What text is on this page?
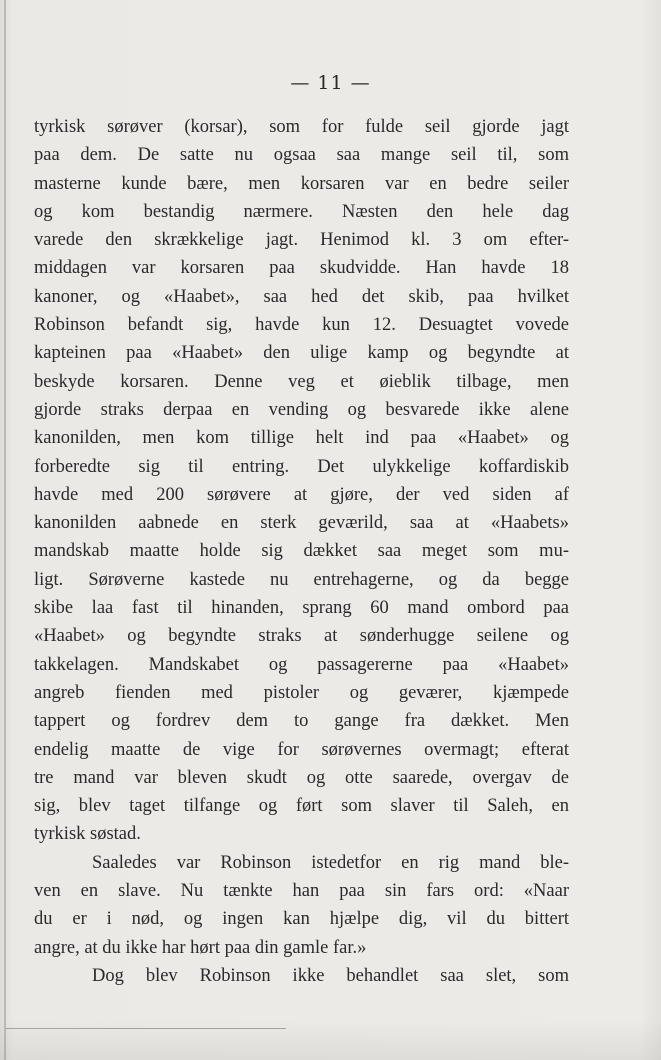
— 11 —
tyrkisk sørøver (korsar), som for fulde seil gjorde jagt
paa dem. De satte nu ogsaa saa mange seil til, som
masterne kunde bære, men korsaren var en bedre seiler
og kom bestandig nærmere. Næsten den hele dag
varede den skrækkelige jagt. Henimod kl. 3 om efter-
middagen var korsaren paa skudvidde. Han havde 18
kanoner, og «Haabet», saa hed det skib, paa hvilket
Robinson befandt sig, havde kun 12. Desuagtet vovede
kapteinen paa «Haabet» den ulige kamp og begyndte at
beskyde korsaren. Denne veg et øieblik tilbage, men
gjorde straks derpaa en vending og besvarede ikke alene
kanonilden, men kom tillige helt ind paa «Haabet» og
forberedte sig til entring. Det ulykkelige koffardiskib
havde med 200 sørøvere at gjøre, der ved siden af
kanonilden aabnede en sterk geværild, saa at «Haabets»
mandskab maatte holde sig dækket saa meget som mu-
ligt. Sørøverne kastede nu entrehagerne, og da begge
skibe laa fast til hinanden, sprang 60 mand ombord paa
«Haabet» og begyndte straks at sønderhugge seilene og
takkelagen. Mandskabet og passagererne paa «Haabet»
angreb fienden med pistoler og geværer, kjæmpede
tappert og fordrev dem to gange fra dækket. Men
endelig maatte de vige for sørøvernes overmagt; efterat
tre mand var bleven skudt og otte saarede, overgav de
sig, blev taget tilfange og ført som slaver til Saleh, en
tyrkisk søstad.
Saaledes var Robinson istedetfor en rig mand ble-
ven en slave. Nu tænkte han paa sin fars ord: «Naar
du er i nød, og ingen kan hjælpe dig, vil du bittert
angre, at du ikke har hørt paa din gamle far.»
Dog blev Robinson ikke behandlet saa slet, som
